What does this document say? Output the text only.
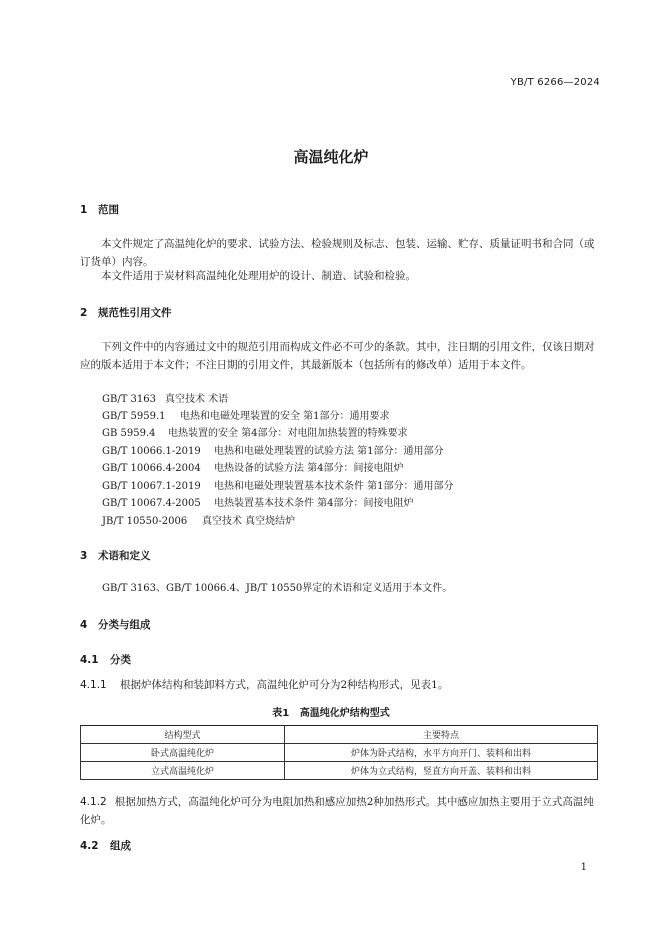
YB/T 6266—2024
高温纯化炉
1 范围
本文件规定了高温纯化炉的要求、试验方法、检验规则及标志、包装、运输、贮存、质量证明书和合同（或订货单）内容。
本文件适用于炭材料高温纯化处理用炉的设计、制造、试验和检验。
2 规范性引用文件
下列文件中的内容通过文中的规范引用而构成文件必不可少的条款。其中，注日期的引用文件，仅该日期对应的版本适用于本文件；不注日期的引用文件，其最新版本（包括所有的修改单）适用于本文件。
GB/T 3163 真空技术 术语
GB/T 5959.1 电热和电磁处理装置的安全 第1部分：通用要求
GB 5959.4 电热装置的安全 第4部分：对电阻加热装置的特殊要求
GB/T 10066.1-2019 电热和电磁处理装置的试验方法 第1部分：通用部分
GB/T 10066.4-2004 电热设备的试验方法 第4部分：间接电阻炉
GB/T 10067.1-2019 电热和电磁处理装置基本技术条件 第1部分：通用部分
GB/T 10067.4-2005 电热装置基本技术条件 第4部分：间接电阻炉
JB/T 10550-2006 真空技术 真空烧结炉
3 术语和定义
GB/T 3163、GB/T 10066.4、JB/T 10550界定的术语和定义适用于本文件。
4 分类与组成
4.1 分类
4.1.1 根据炉体结构和装卸料方式，高温纯化炉可分为2种结构形式，见表1。
表1 高温纯化炉结构型式
结构型式	主要特点
卧式高温纯化炉	炉体为卧式结构，水平方向开门、装料和出料
立式高温纯化炉	炉体为立式结构，竖直方向开盖、装料和出料
4.1.2 根据加热方式，高温纯化炉可分为电阻加热和感应加热2种加热形式。其中感应加热主要用于立式高温纯化炉。
4.2 组成
1
